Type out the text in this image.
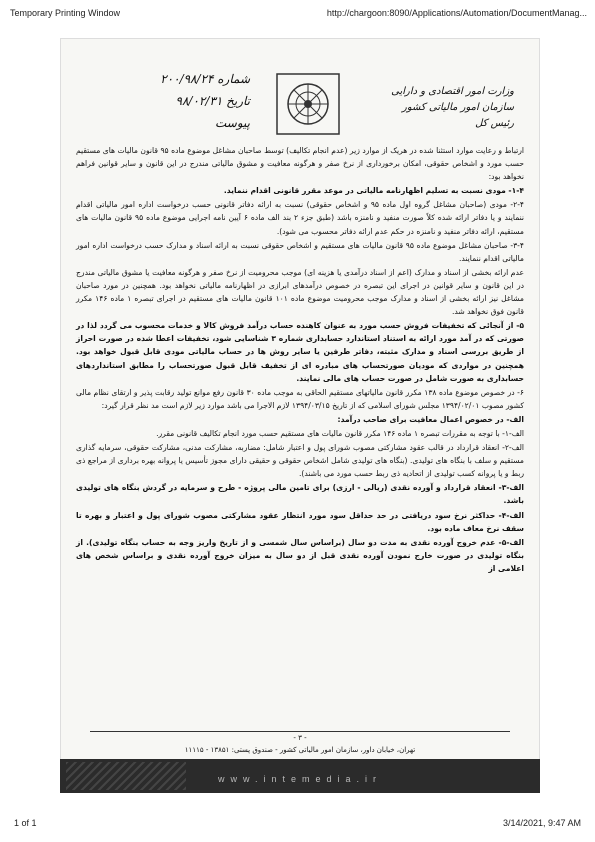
Temporary Printing Window	http://chargoon:8090/Applications/Automation/DocumentManag...
شماره ۲۰۰/۹۸/۲۴
تاریخ ۹۸/۰۲/۳۱
پیوست
وزارت امور اقتصادی و دارایی
سازمان امور مالیاتی کشور
رئیس کل

ارتباط و رعایت موارد استثنا شده در هریک از موارد زیر (عدم انجام تکالیف) توسط صاحبان مشاغل موضوع ماده ۹۵ قانون مالیات های مستقیم حسب مورد و اشخاص حقوقی، امکان برخورداری از نرخ صفر و هرگونه معافیت و مشوق مالیاتی مندرج در این قانون و سایر قوانین فراهم نخواهد بود:

۱-۴- مودی نسبت به تسلیم اظهارنامه مالیاتی در موعد مقرر قانونی اقدام ننماید.

۲-۴- مودی (صاحبان مشاغل گروه اول ماده ۹۵ و اشخاص حقوقی) نسبت به ارائه دفاتر قانونی حسب درخواست اداره امور مالیاتی اقدام ننمایند و یا دفاتر ارائه شده کلاً صورت منفید و نامنزه باشد (طبق جزء ۲ بند الف ماده ۶ آیین نامه اجرایی موضوع ماده ۹۵ قانون مالیات های مستقیم، ارائه دفاتر منفید و نامنزه در حکم عدم ارائه دفاتر محسوب می شود).

۳-۴- صاحبان مشاغل موضوع ماده ۹۵ قانون مالیات های مستقیم و اشخاص حقوقی نسبت به ارائه اسناد و مدارک حسب درخواست اداره امور مالیاتی اقدام ننمایند.

عدم ارائه بخشی از اسناد و مدارک (اعم از اسناد درآمدی یا هزینه ای) موجب محرومیت از نرخ صفر و هرگونه معافیت یا مشوق مالیاتی مندرج در این قانون و سایر قوانین در اجرای این تبصره در خصوص درآمدهای ابرازی در اظهارنامه مالیاتی نخواهد بود. همچنین در مورد صاحبان مشاغل نیز ارائه بخشی از اسناد و مدارک موجب محرومیت موضوع ماده ۱۰۱ قانون مالیات های مستقیم در اجرای تبصره ۱ ماده ۱۴۶ مکرر قانون فوق نخواهد شد.

۵- از آنجائی که تخفیفات فروش حسب مورد به عنوان کاهنده حساب درآمد فروش کالا و خدمات محسوب می گردد لذا در صورتی که در آمد مورد ارائه به استناد استاندارد حسابداری شماره ۳ شناسایی شود، تخفیفات اعطا شده در صورت احراز از طریق بررسی اسناد و مدارک مثبته، دفاتر طرفین یا سایر روش ها در حساب مالیاتی مودی قابل قبول خواهد بود. همچنین در مواردی که مودیان صورتحساب های مبادره ای از تخفیف قابل قبول صورتحساب را مطابق استانداردهای حسابداری به صورت شامل در صورت حساب های مالی نمایند.

۶- در خصوص موضوع ماده ۱۳۸ مکرر قانون مالیاتهای مستقیم الحاقی به موجب ماده ۳۰ قانون رفع موانع تولید رقابت پذیر و ارتقای نظام مالی کشور مصوب ۱۳۹۴/۰۲/۰۱ مجلس شورای اسلامی که از تاریخ ۱۳۹۴/۰۳/۱۵ لازم الاجرا می باشد موارد زیر لازم است مد نظر قرار گیرد:

الف- در خصوص اعمال معافیت برای صاحب درآمد:

الف-۱- با توجه به مقررات تبصره ۱ ماده ۱۴۶ مکرر قانون مالیات های مستقیم حسب مورد انجام تکالیف قانونی مقرر.

الف-۲- انعقاد قرارداد در قالب عقود مشارکتی مصوب شورای پول و اعتبار شامل: مضاربه، مشارکت مدنی، مشارکت حقوقی، سرمایه گذاری مستقیم و سلف با بنگاه های تولیدی. (بنگاه های تولیدی شامل اشخاص حقوقی و حقیقی دارای مجوز تأسیس یا پروانه بهره برداری از مراجع ذی ربط و یا پروانه کسب تولیدی از اتحادیه ذی ربط حسب مورد می باشند).

الف-۳- انعقاد قرارداد و آورده نقدی (ریالی - ارزی) برای تامین مالی پروژه - طرح و سرمایه در گردش بنگاه های تولیدی باشد.

الف-۴- حداکثر نرخ سود دریافتی در حد حداقل سود مورد انتظار عقود مشارکتی مصوب شورای پول و اعتبار و بهره تا سقف نرخ معاف ماده بود.

الف-۵- عدم خروج آورده نقدی به مدت دو سال (براساس سال شمسی و از تاریخ واریز وجه به حساب بنگاه تولیدی). از بنگاه تولیدی در صورت خارج نمودن آورده نقدی قبل از دو سال به میزان خروج آورده نقدی و براساس شخص های اعلامی از

- ۳ -
تهران، خیابان داور، سازمان امور مالیاتی کشور - صندوق پستی: ۱۳۸۵۱ - ۱۱۱۱۵
www.intemedia.ir
1 of 1	3/14/2021, 9:47 AM
